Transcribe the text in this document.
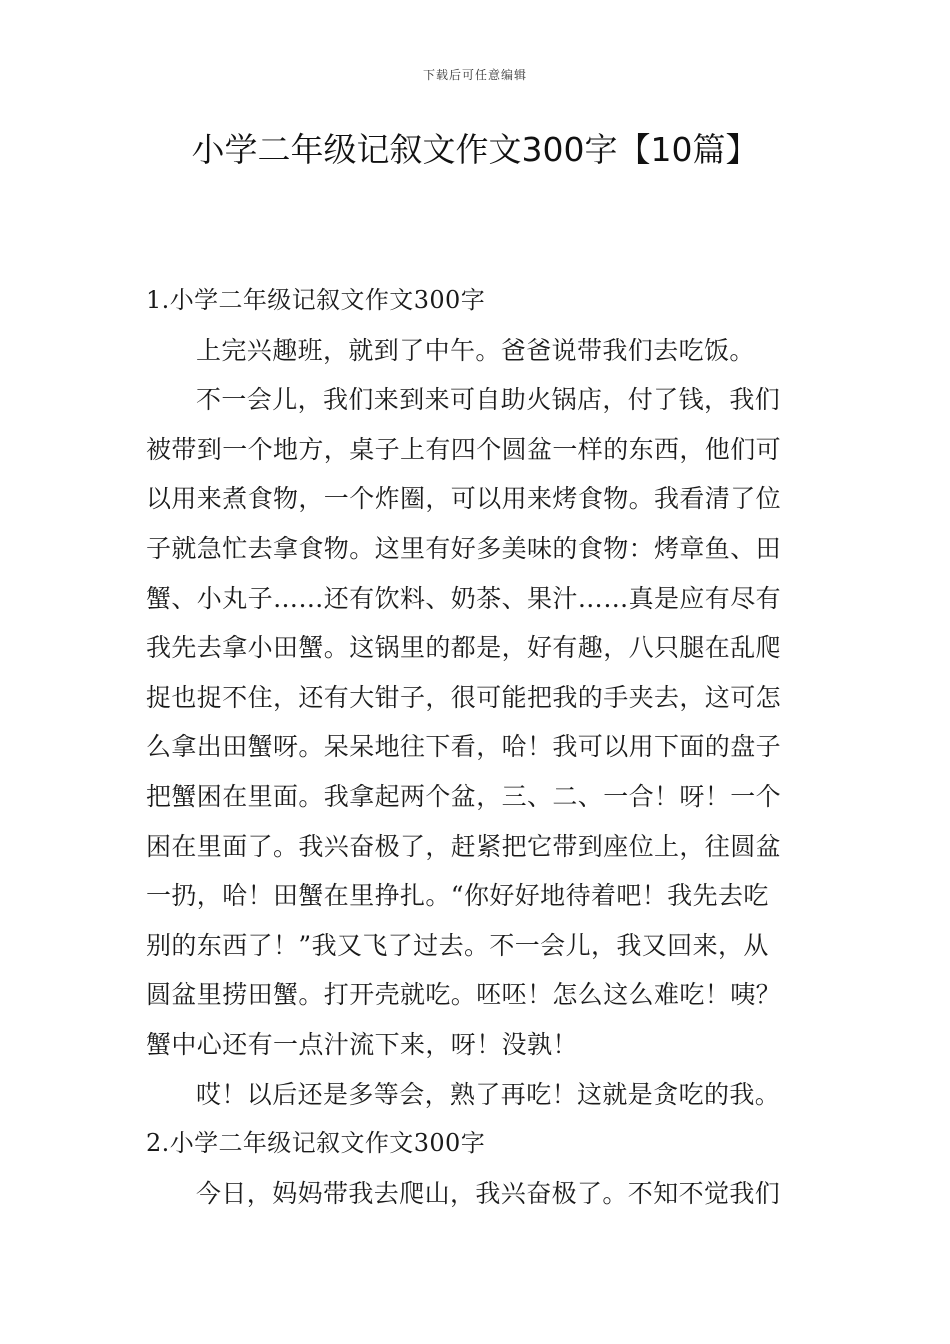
下载后可任意编辑
小学二年级记叙文作文300字【10篇】

1.小学二年级记叙文作文300字

上完兴趣班，就到了中午。爸爸说带我们去吃饭。

不一会儿，我们来到来可自助火锅店，付了钱，我们

被带到一个地方，桌子上有四个圆盆一样的东西，他们可

以用来煮食物，一个炸圈，可以用来烤食物。我看清了位

子就急忙去拿食物。这里有好多美味的食物：烤章鱼、田

蟹、小丸子……还有饮料、奶茶、果汁……真是应有尽有

我先去拿小田蟹。这锅里的都是，好有趣，八只腿在乱爬

捉也捉不住，还有大钳子，很可能把我的手夹去，这可怎

么拿出田蟹呀。呆呆地往下看，哈！我可以用下面的盘子

把蟹困在里面。我拿起两个盆，三、二、一合！呀！一个

困在里面了。我兴奋极了，赶紧把它带到座位上，往圆盆

一扔，哈！田蟹在里挣扎。“你好好地待着吧！我先去吃

别的东西了！”我又飞了过去。不一会儿，我又回来，从

圆盆里捞田蟹。打开壳就吃。呸呸！怎么这么难吃！咦？

蟹中心还有一点汁流下来，呀！没孰！

哎！以后还是多等会，熟了再吃！这就是贪吃的我。

2.小学二年级记叙文作文300字

今日，妈妈带我去爬山，我兴奋极了。不知不觉我们
